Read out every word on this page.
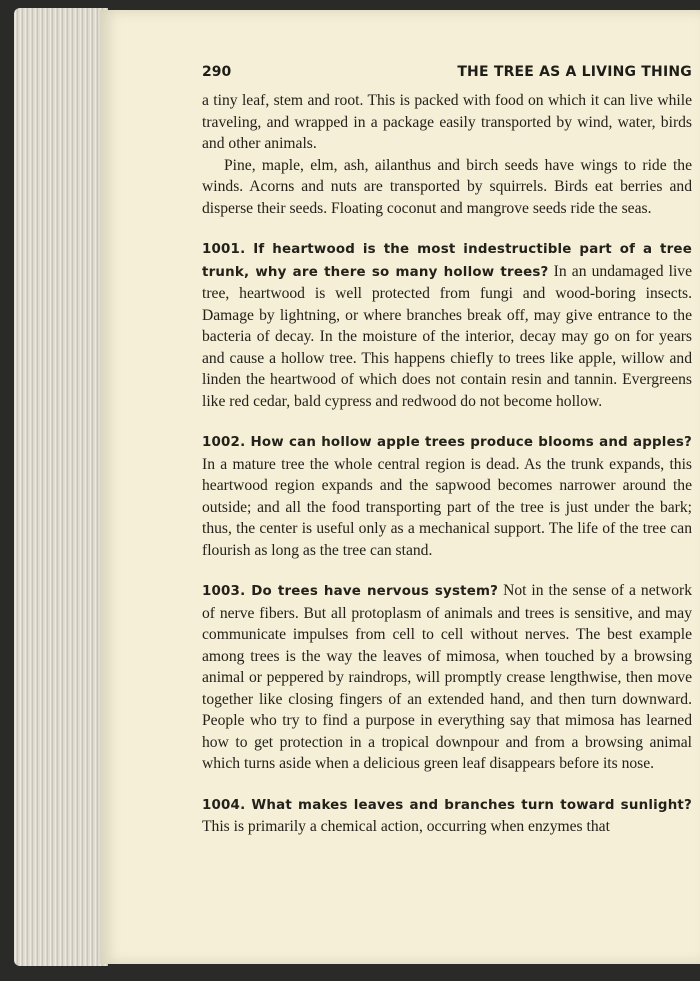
290	THE TREE AS A LIVING THING

a tiny leaf, stem and root. This is packed with food on which it can live while traveling, and wrapped in a package easily transported by wind, water, birds and other animals.

Pine, maple, elm, ash, ailanthus and birch seeds have wings to ride the winds. Acorns and nuts are transported by squirrels. Birds eat berries and disperse their seeds. Floating coconut and mangrove seeds ride the seas.

1001. If heartwood is the most indestructible part of a tree trunk, why are there so many hollow trees? In an undamaged live tree, heartwood is well protected from fungi and wood-boring insects. Damage by lightning, or where branches break off, may give entrance to the bacteria of decay. In the moisture of the interior, decay may go on for years and cause a hollow tree. This happens chiefly to trees like apple, willow and linden the heartwood of which does not contain resin and tannin. Evergreens like red cedar, bald cypress and redwood do not become hollow.

1002. How can hollow apple trees produce blooms and apples? In a mature tree the whole central region is dead. As the trunk expands, this heartwood region expands and the sapwood becomes narrower around the outside; and all the food transporting part of the tree is just under the bark; thus, the center is useful only as a mechanical support. The life of the tree can flourish as long as the tree can stand.

1003. Do trees have nervous system? Not in the sense of a network of nerve fibers. But all protoplasm of animals and trees is sensitive, and may communicate impulses from cell to cell without nerves. The best example among trees is the way the leaves of mimosa, when touched by a browsing animal or peppered by raindrops, will promptly crease lengthwise, then move together like closing fingers of an extended hand, and then turn downward. People who try to find a purpose in everything say that mimosa has learned how to get protection in a tropical downpour and from a browsing animal which turns aside when a delicious green leaf disappears before its nose.

1004. What makes leaves and branches turn toward sunlight? This is primarily a chemical action, occurring when enzymes that
